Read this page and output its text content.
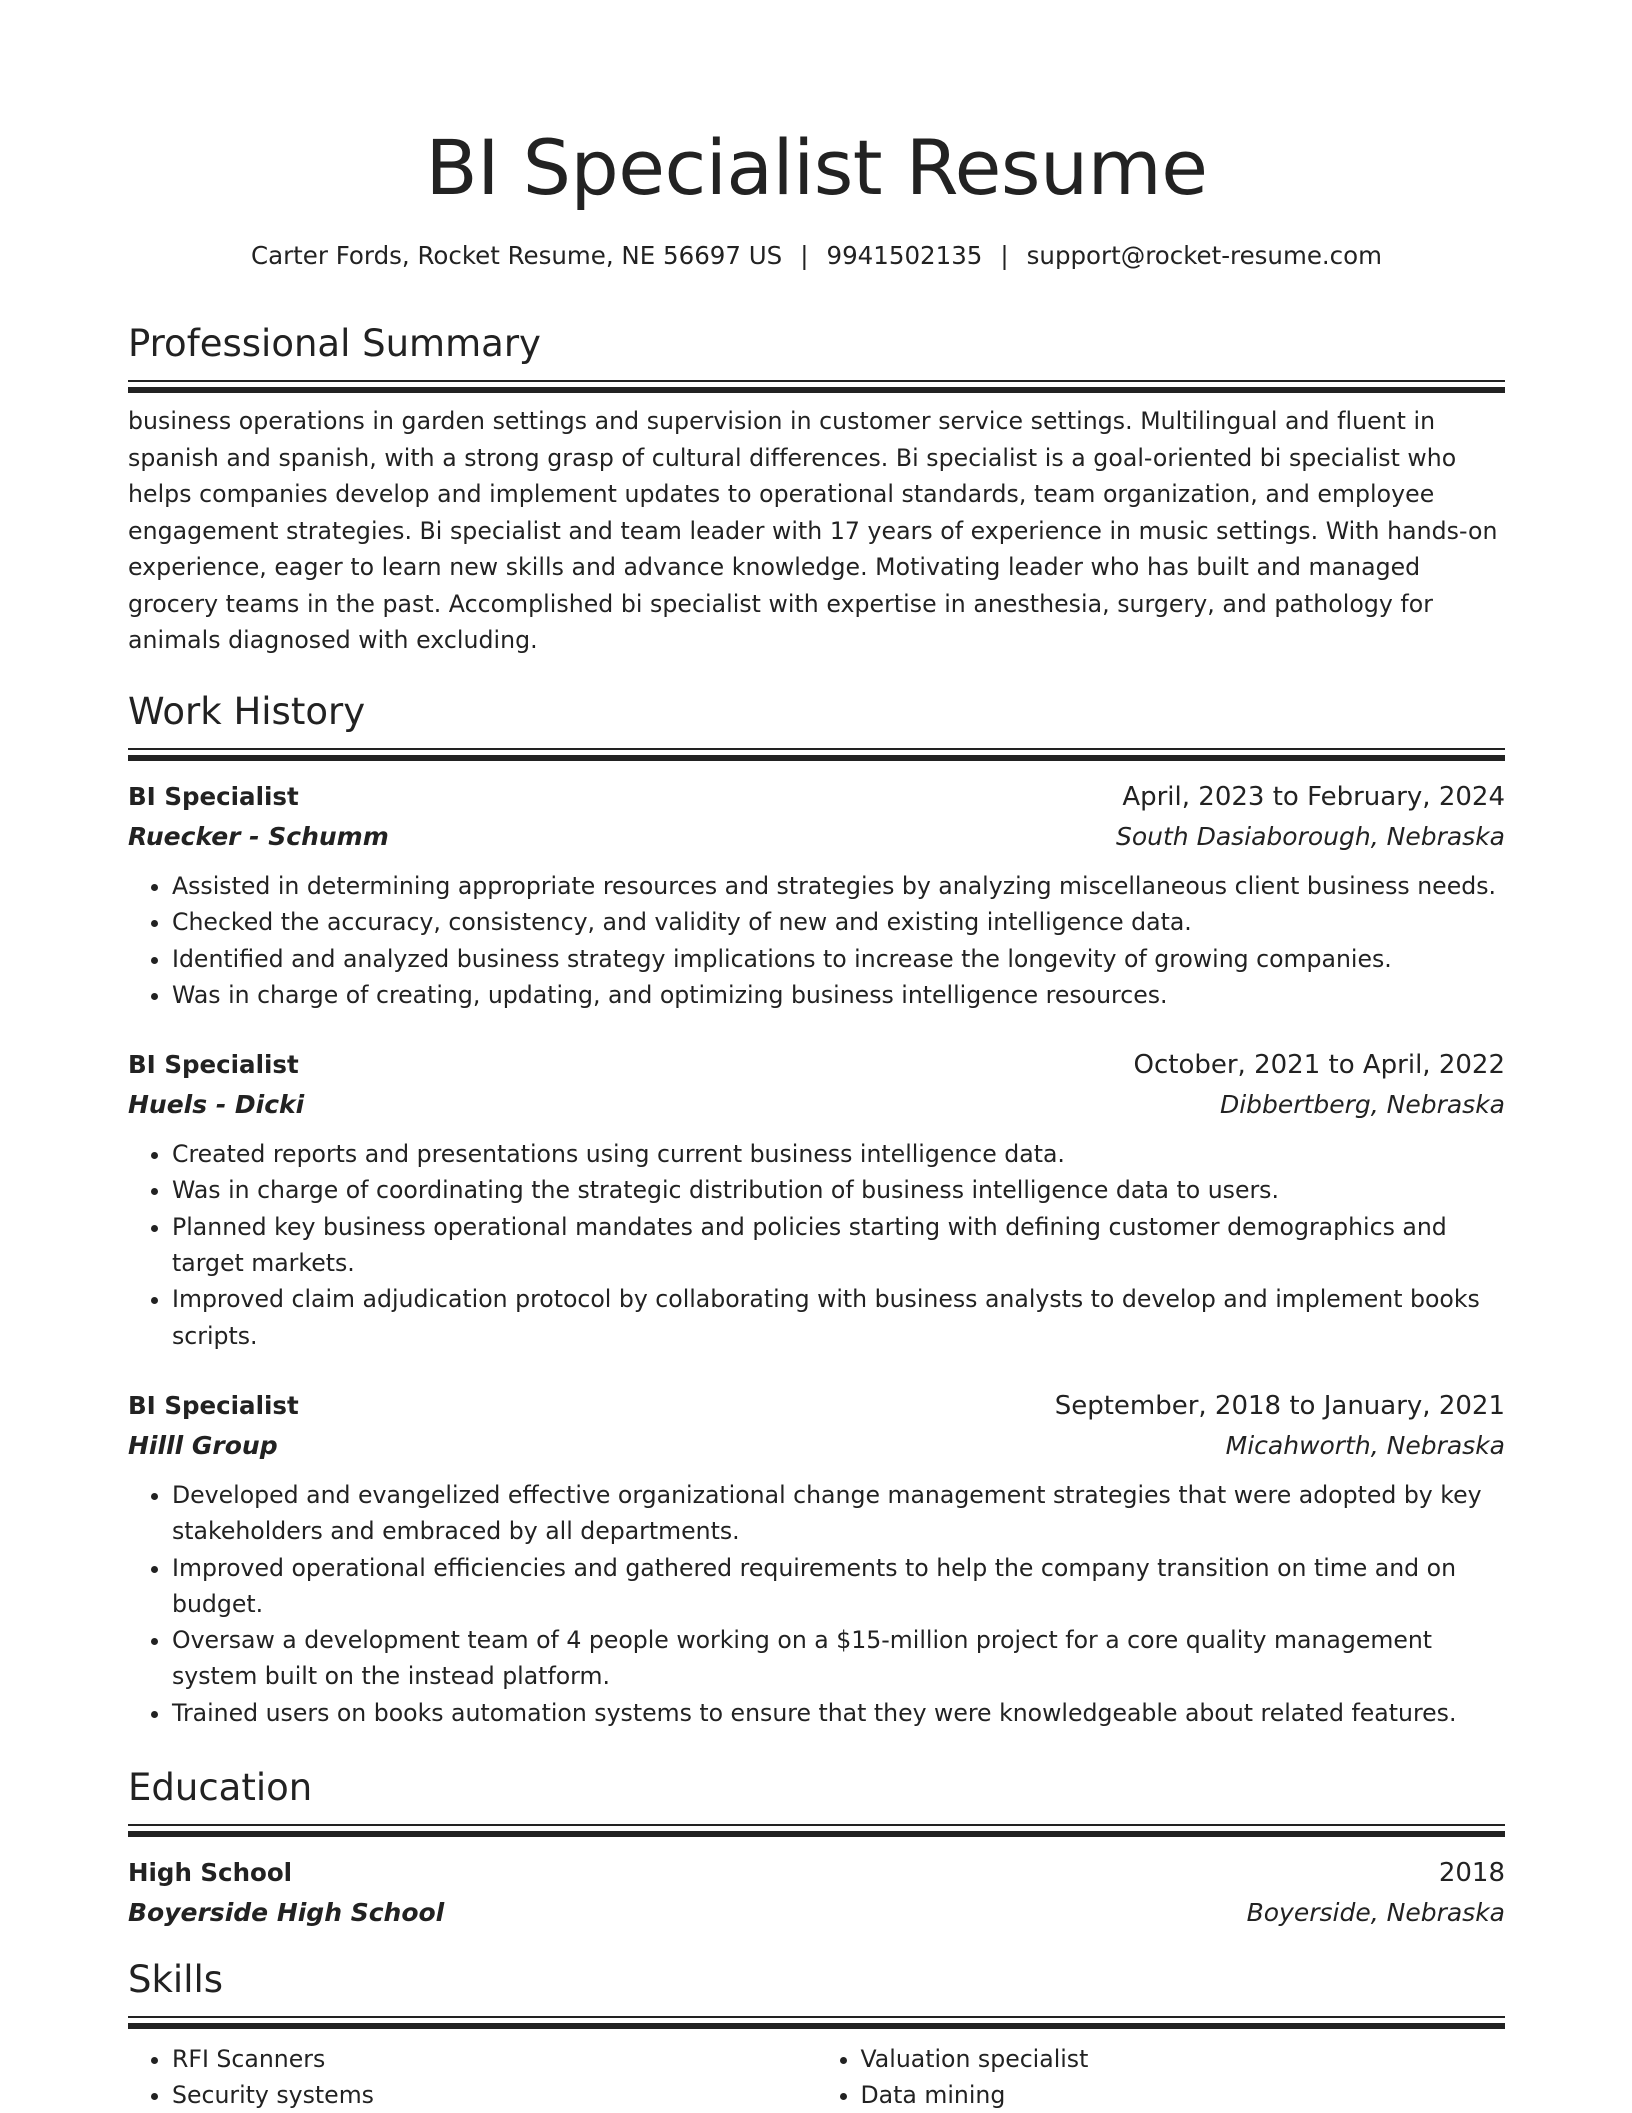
BI Specialist Resume
Carter Fords, Rocket Resume, NE 56697 US | 9941502135 | support@rocket-resume.com
Professional Summary

business operations in garden settings and supervision in customer service settings. Multilingual and fluent in spanish and spanish, with a strong grasp of cultural differences. Bi specialist is a goal-oriented bi specialist who helps companies develop and implement updates to operational standards, team organization, and employee engagement strategies. Bi specialist and team leader with 17 years of experience in music settings. With hands-on experience, eager to learn new skills and advance knowledge. Motivating leader who has built and managed grocery teams in the past. Accomplished bi specialist with expertise in anesthesia, surgery, and pathology for animals diagnosed with excluding.

Work History
BI Specialist	April, 2023 to February, 2024
Ruecker - Schumm	South Dasiaborough, Nebraska
• Assisted in determining appropriate resources and strategies by analyzing miscellaneous client business needs.
• Checked the accuracy, consistency, and validity of new and existing intelligence data.
• Identified and analyzed business strategy implications to increase the longevity of growing companies.
• Was in charge of creating, updating, and optimizing business intelligence resources.
BI Specialist	October, 2021 to April, 2022
Huels - Dicki	Dibbertberg, Nebraska
• Created reports and presentations using current business intelligence data.
• Was in charge of coordinating the strategic distribution of business intelligence data to users.
• Planned key business operational mandates and policies starting with defining customer demographics and target markets.
• Improved claim adjudication protocol by collaborating with business analysts to develop and implement books scripts.
BI Specialist	September, 2018 to January, 2021
Hilll Group	Micahworth, Nebraska
• Developed and evangelized effective organizational change management strategies that were adopted by key stakeholders and embraced by all departments.
• Improved operational efficiencies and gathered requirements to help the company transition on time and on budget.
• Oversaw a development team of 4 people working on a $15-million project for a core quality management system built on the instead platform.
• Trained users on books automation systems to ensure that they were knowledgeable about related features.
Education
High School	2018
Boyerside High School	Boyerside, Nebraska
Skills
• RFI Scanners
• Security systems
• Valuation specialist
• Data mining
